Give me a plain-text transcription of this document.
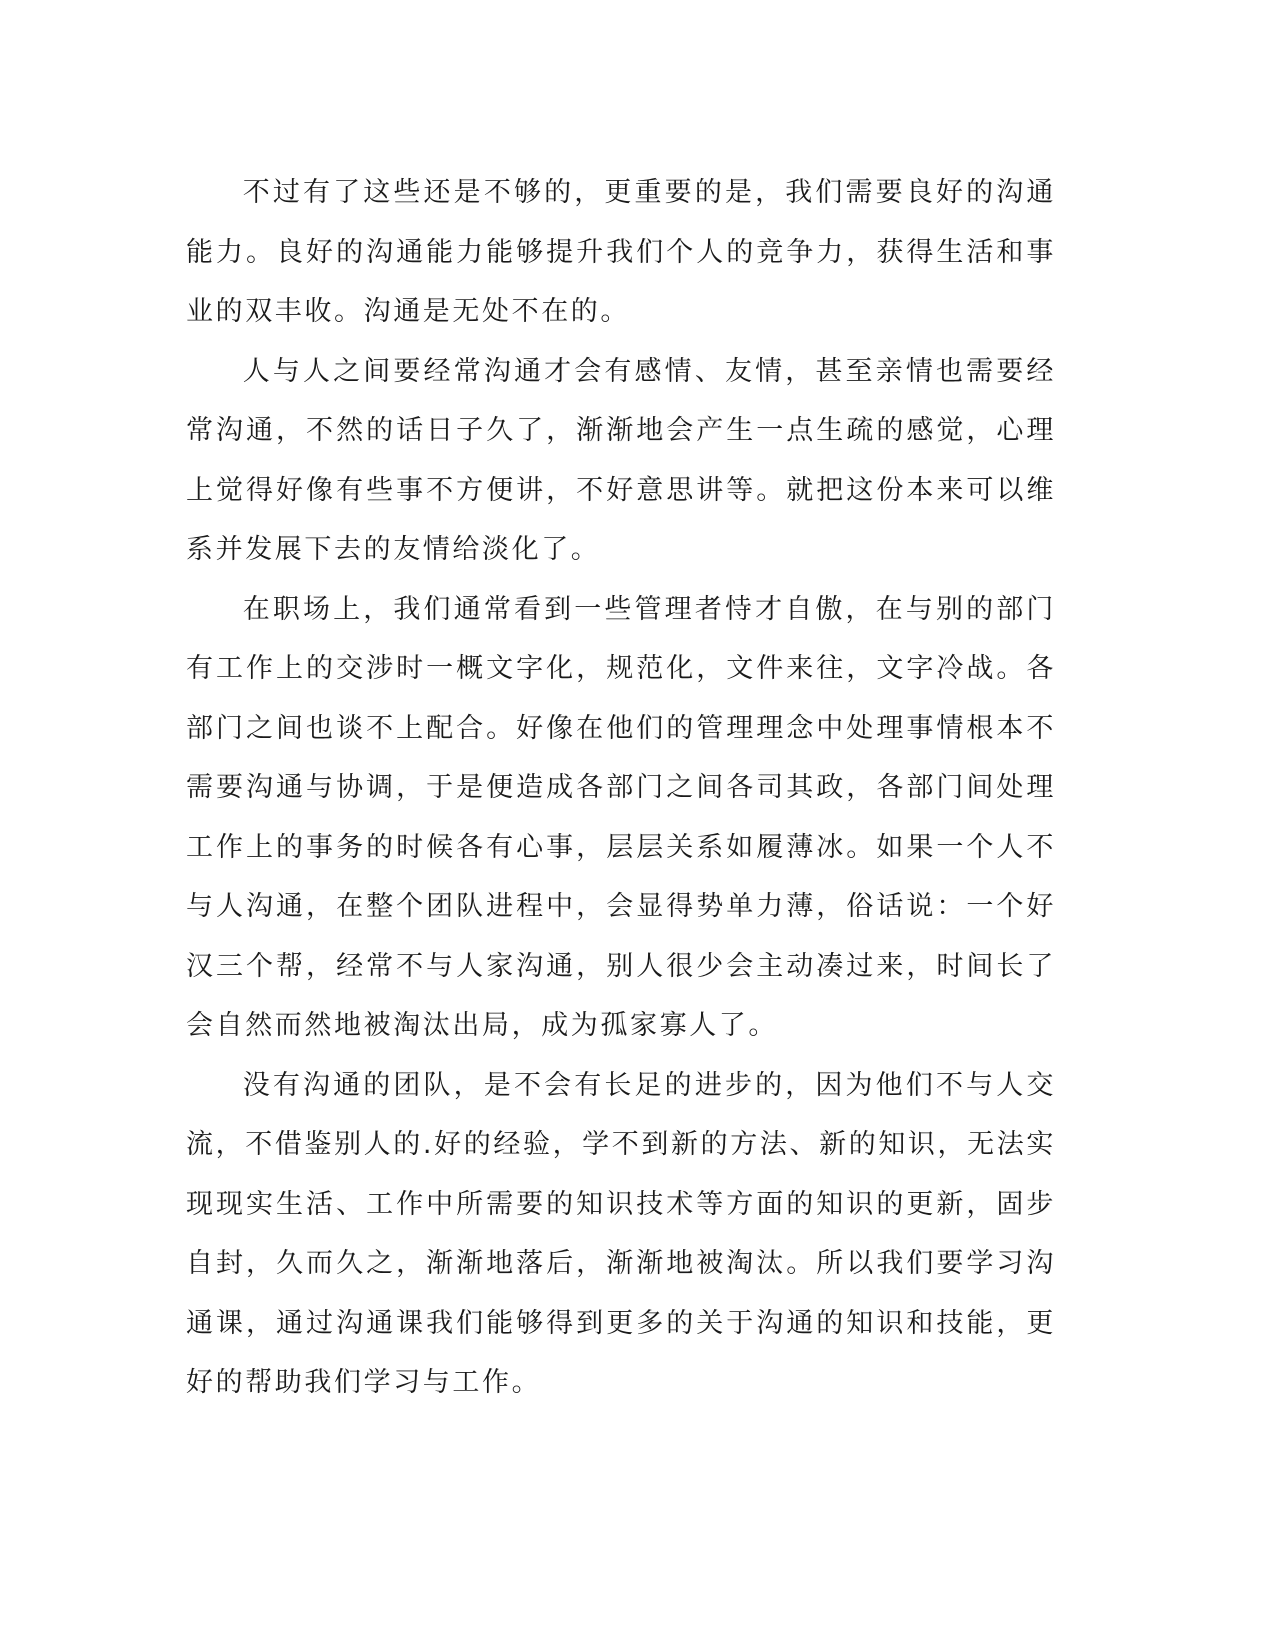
不过有了这些还是不够的，更重要的是，我们需要良好的沟通能力。良好的沟通能力能够提升我们个人的竞争力，获得生活和事业的双丰收。沟通是无处不在的。

人与人之间要经常沟通才会有感情、友情，甚至亲情也需要经常沟通，不然的话日子久了，渐渐地会产生一点生疏的感觉，心理上觉得好像有些事不方便讲，不好意思讲等。就把这份本来可以维系并发展下去的友情给淡化了。

在职场上，我们通常看到一些管理者恃才自傲，在与别的部门有工作上的交涉时一概文字化，规范化，文件来往，文字冷战。各部门之间也谈不上配合。好像在他们的管理理念中处理事情根本不需要沟通与协调，于是便造成各部门之间各司其政，各部门间处理工作上的事务的时候各有心事，层层关系如履薄冰。如果一个人不与人沟通，在整个团队进程中，会显得势单力薄，俗话说：一个好汉三个帮，经常不与人家沟通，别人很少会主动凑过来，时间长了会自然而然地被淘汰出局，成为孤家寡人了。

没有沟通的团队，是不会有长足的进步的，因为他们不与人交流，不借鉴别人的.好的经验，学不到新的方法、新的知识，无法实现现实生活、工作中所需要的知识技术等方面的知识的更新，固步自封，久而久之，渐渐地落后，渐渐地被淘汰。所以我们要学习沟通课，通过沟通课我们能够得到更多的关于沟通的知识和技能，更好的帮助我们学习与工作。
